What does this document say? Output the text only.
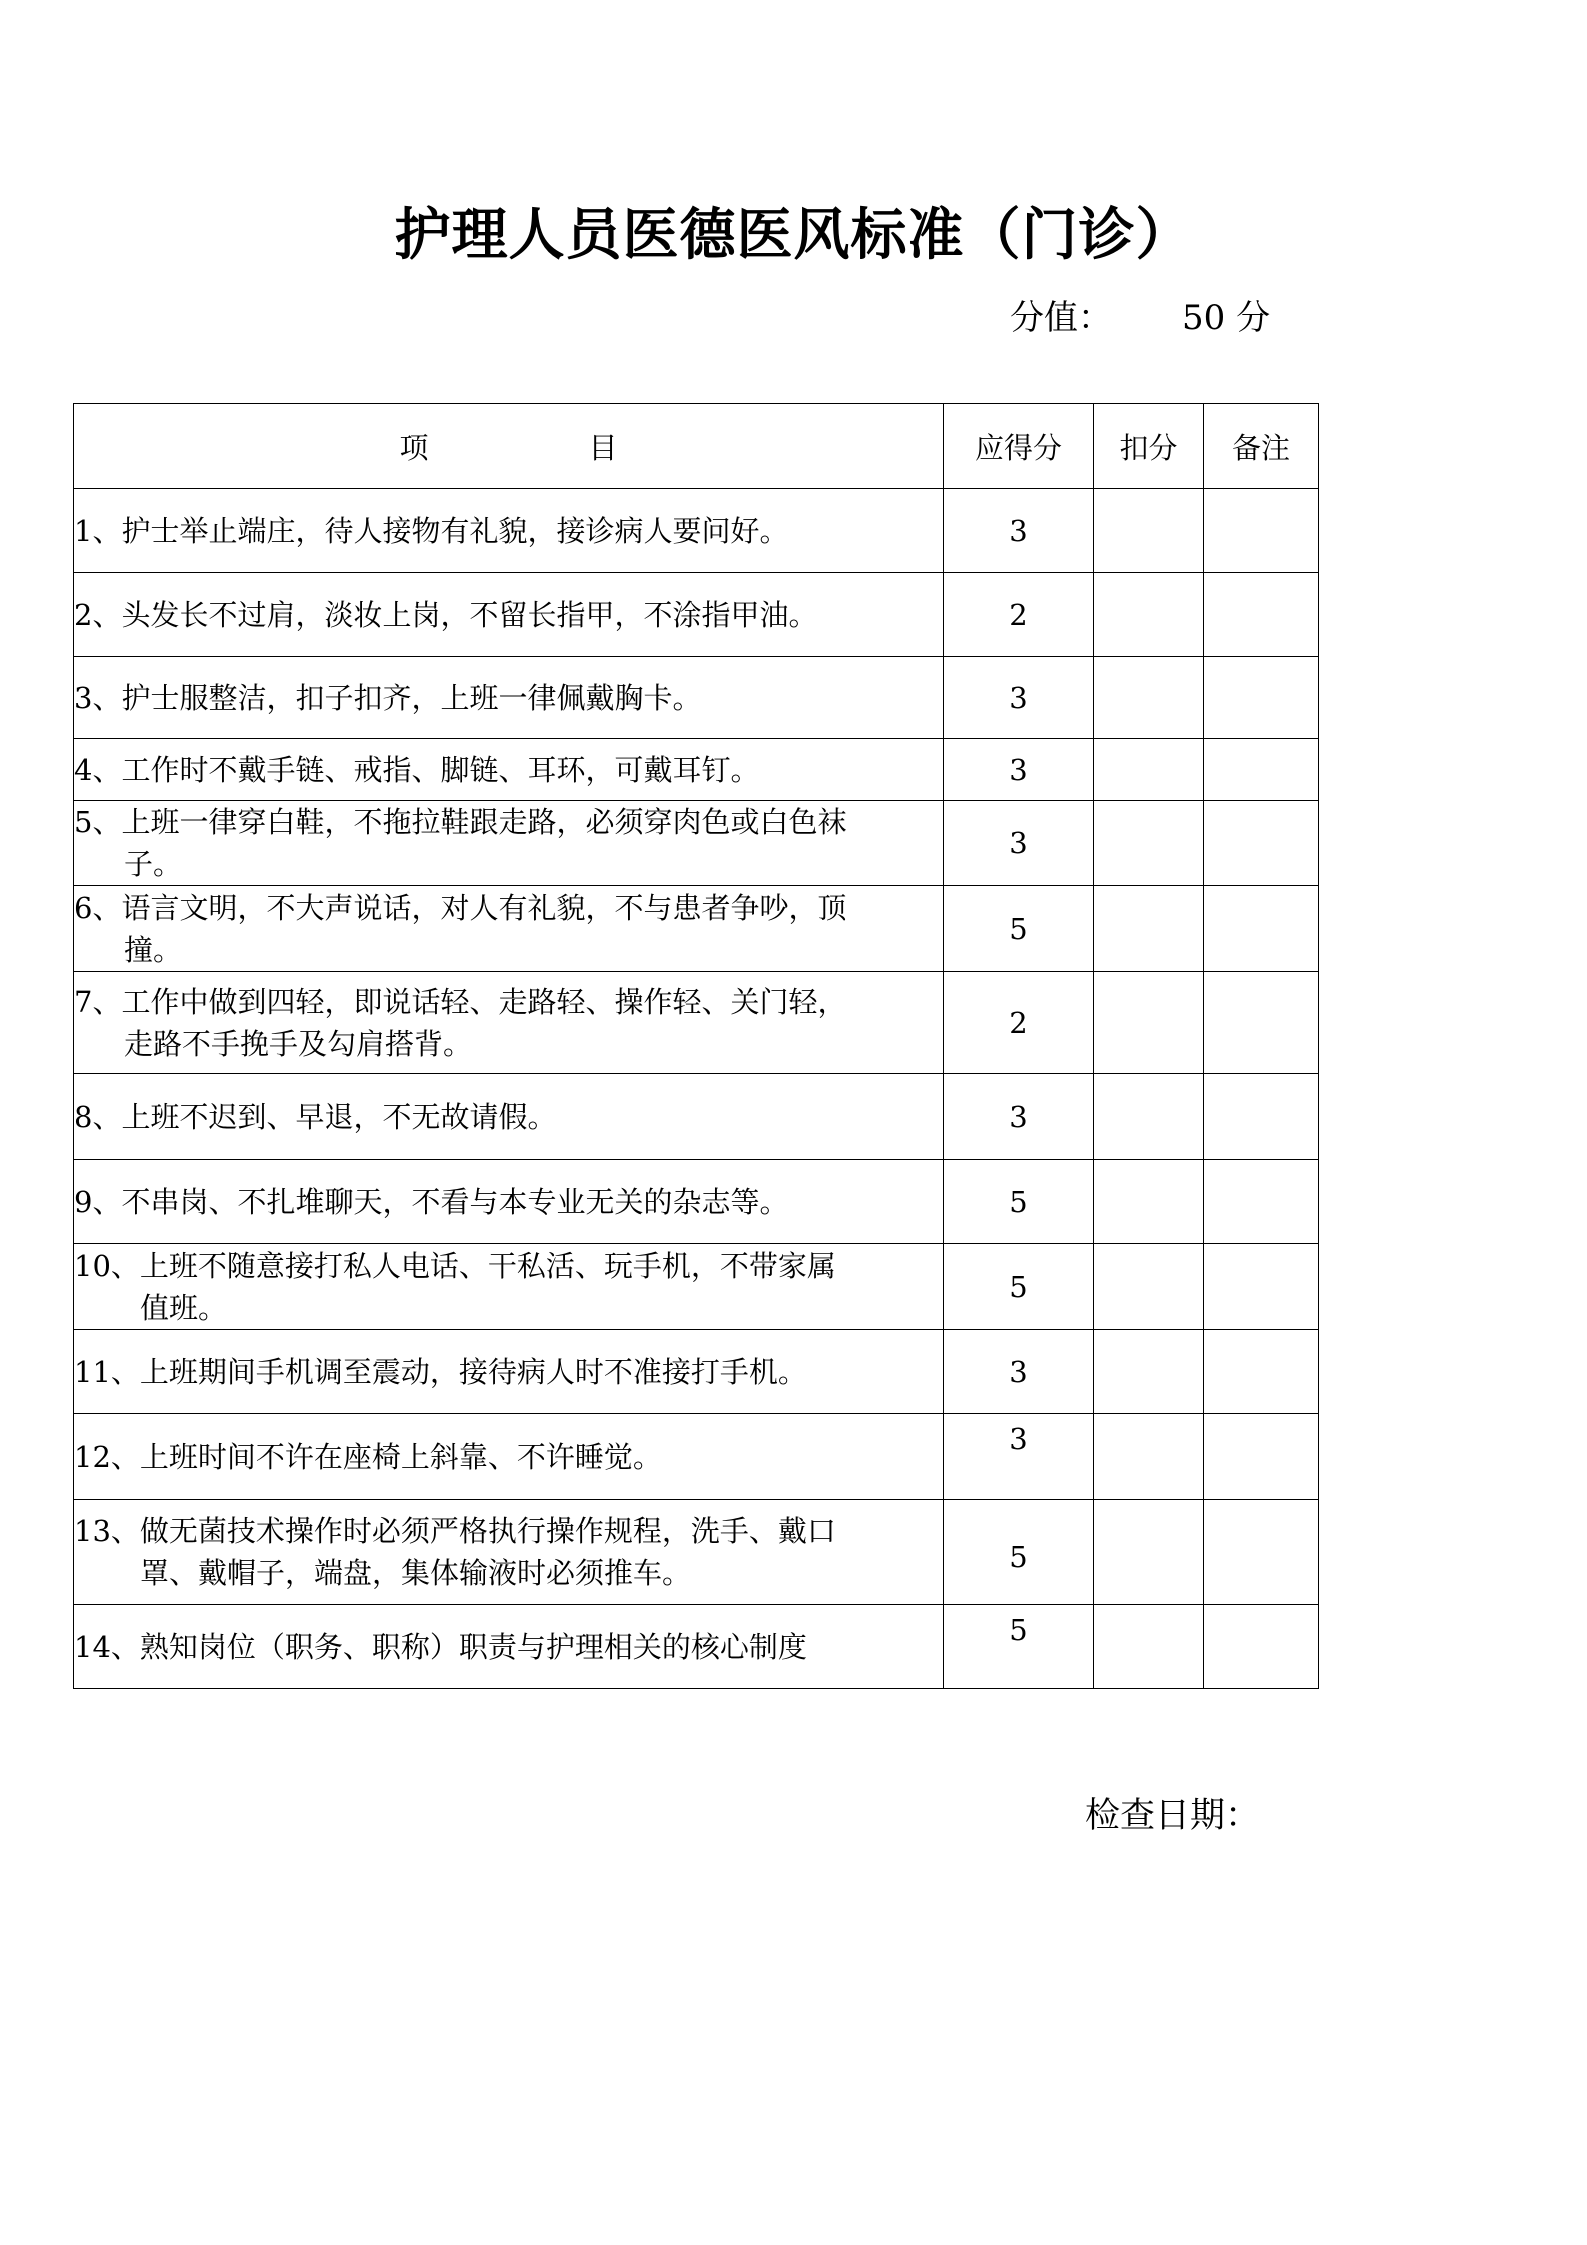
护理人员医德医风标准（门诊）
分值： 50 分
项 目	应得分	扣分	备注

1、护士举止端庄，待人接物有礼貌，接诊病人要问好。	3		

2、头发长不过肩，淡妆上岗，不留长指甲，不涂指甲油。	2		

3、护士服整洁，扣子扣齐，上班一律佩戴胸卡。	3		

4、工作时不戴手链、戒指、脚链、耳环，可戴耳钉。	3		

5、上班一律穿白鞋，不拖拉鞋跟走路，必须穿肉色或白色袜
子。	3		

6、语言文明，不大声说话，对人有礼貌，不与患者争吵，顶
撞。	5		

7、工作中做到四轻，即说话轻、走路轻、操作轻、关门轻，
走路不手挽手及勾肩搭背。	2		

8、上班不迟到、早退，不无故请假。	3		

9、不串岗、不扎堆聊天，不看与本专业无关的杂志等。	5		

10、上班不随意接打私人电话、干私活、玩手机，不带家属
值班。	5		

11、上班期间手机调至震动，接待病人时不准接打手机。	3		

12、上班时间不许在座椅上斜靠、不许睡觉。	3		

13、做无菌技术操作时必须严格执行操作规程，洗手、戴口
罩、戴帽子，端盘，集体输液时必须推车。	5		

14、熟知岗位（职务、职称）职责与护理相关的核心制度	5		
检查日期：
